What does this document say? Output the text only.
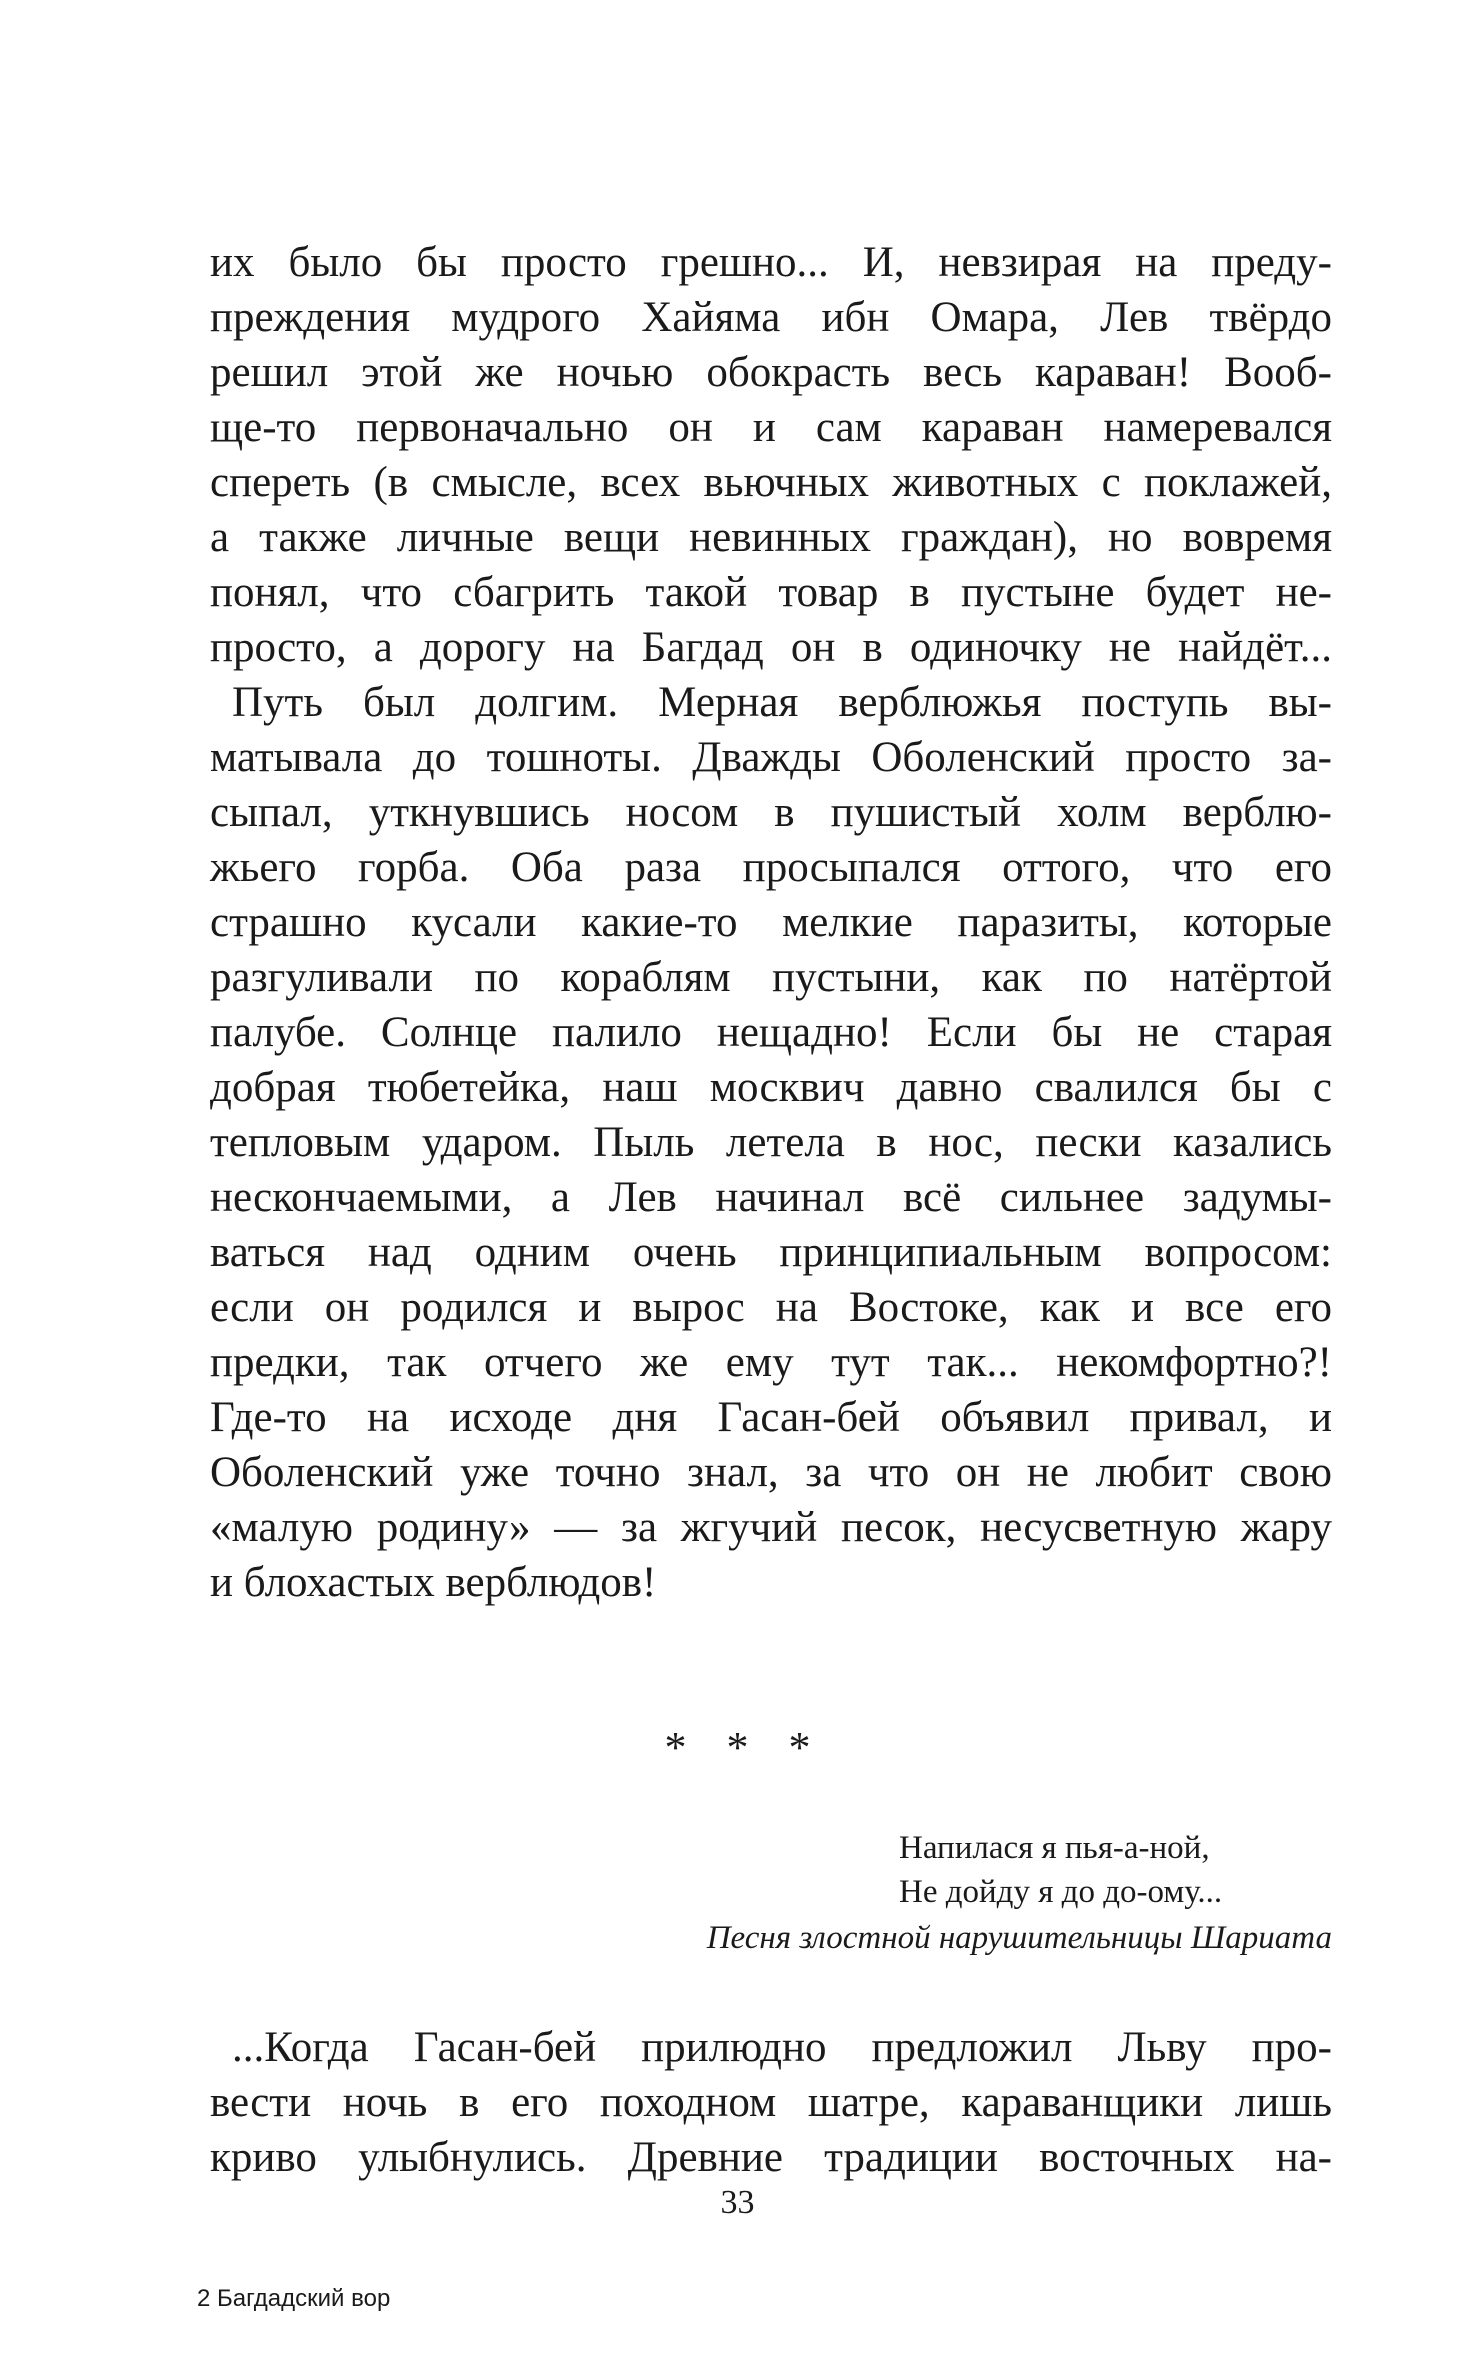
их было бы просто грешно... И, невзирая на преду-
преждения мудрого Хайяма ибн Омара, Лев твёрдо
решил этой же ночью обокрасть весь караван! Вооб-
ще-то первоначально он и сам караван намеревался
спереть (в смысле, всех вьючных животных с поклажей,
а также личные вещи невинных граждан), но вовремя
понял, что сбагрить такой товар в пустыне будет не-
просто, а дорогу на Багдад он в одиночку не найдёт...
Путь был долгим. Мерная верблюжья поступь вы-
матывала до тошноты. Дважды Оболенский просто за-
сыпал, уткнувшись носом в пушистый холм верблю-
жьего горба. Оба раза просыпался оттого, что его
страшно кусали какие-то мелкие паразиты, которые
разгуливали по кораблям пустыни, как по натёртой
палубе. Солнце палило нещадно! Если бы не старая
добрая тюбетейка, наш москвич давно свалился бы с
тепловым ударом. Пыль летела в нос, пески казались
нескончаемыми, а Лев начинал всё сильнее задумы-
ваться над одним очень принципиальным вопросом:
если он родился и вырос на Востоке, как и все его
предки, так отчего же ему тут так... некомфортно?!
Где-то на исходе дня Гасан-бей объявил привал, и
Оболенский уже точно знал, за что он не любит свою
«малую родину» — за жгучий песок, несусветную жару
и блохастых верблюдов!
* * *
Напилася я пья-а-ной,
Не дойду я до до-ому...
Песня злостной нарушительницы Шариата
...Когда Гасан-бей прилюдно предложил Льву про-
вести ночь в его походном шатре, караванщики лишь
криво улыбнулись. Древние традиции восточных на-
33
2 Багдадский вор
